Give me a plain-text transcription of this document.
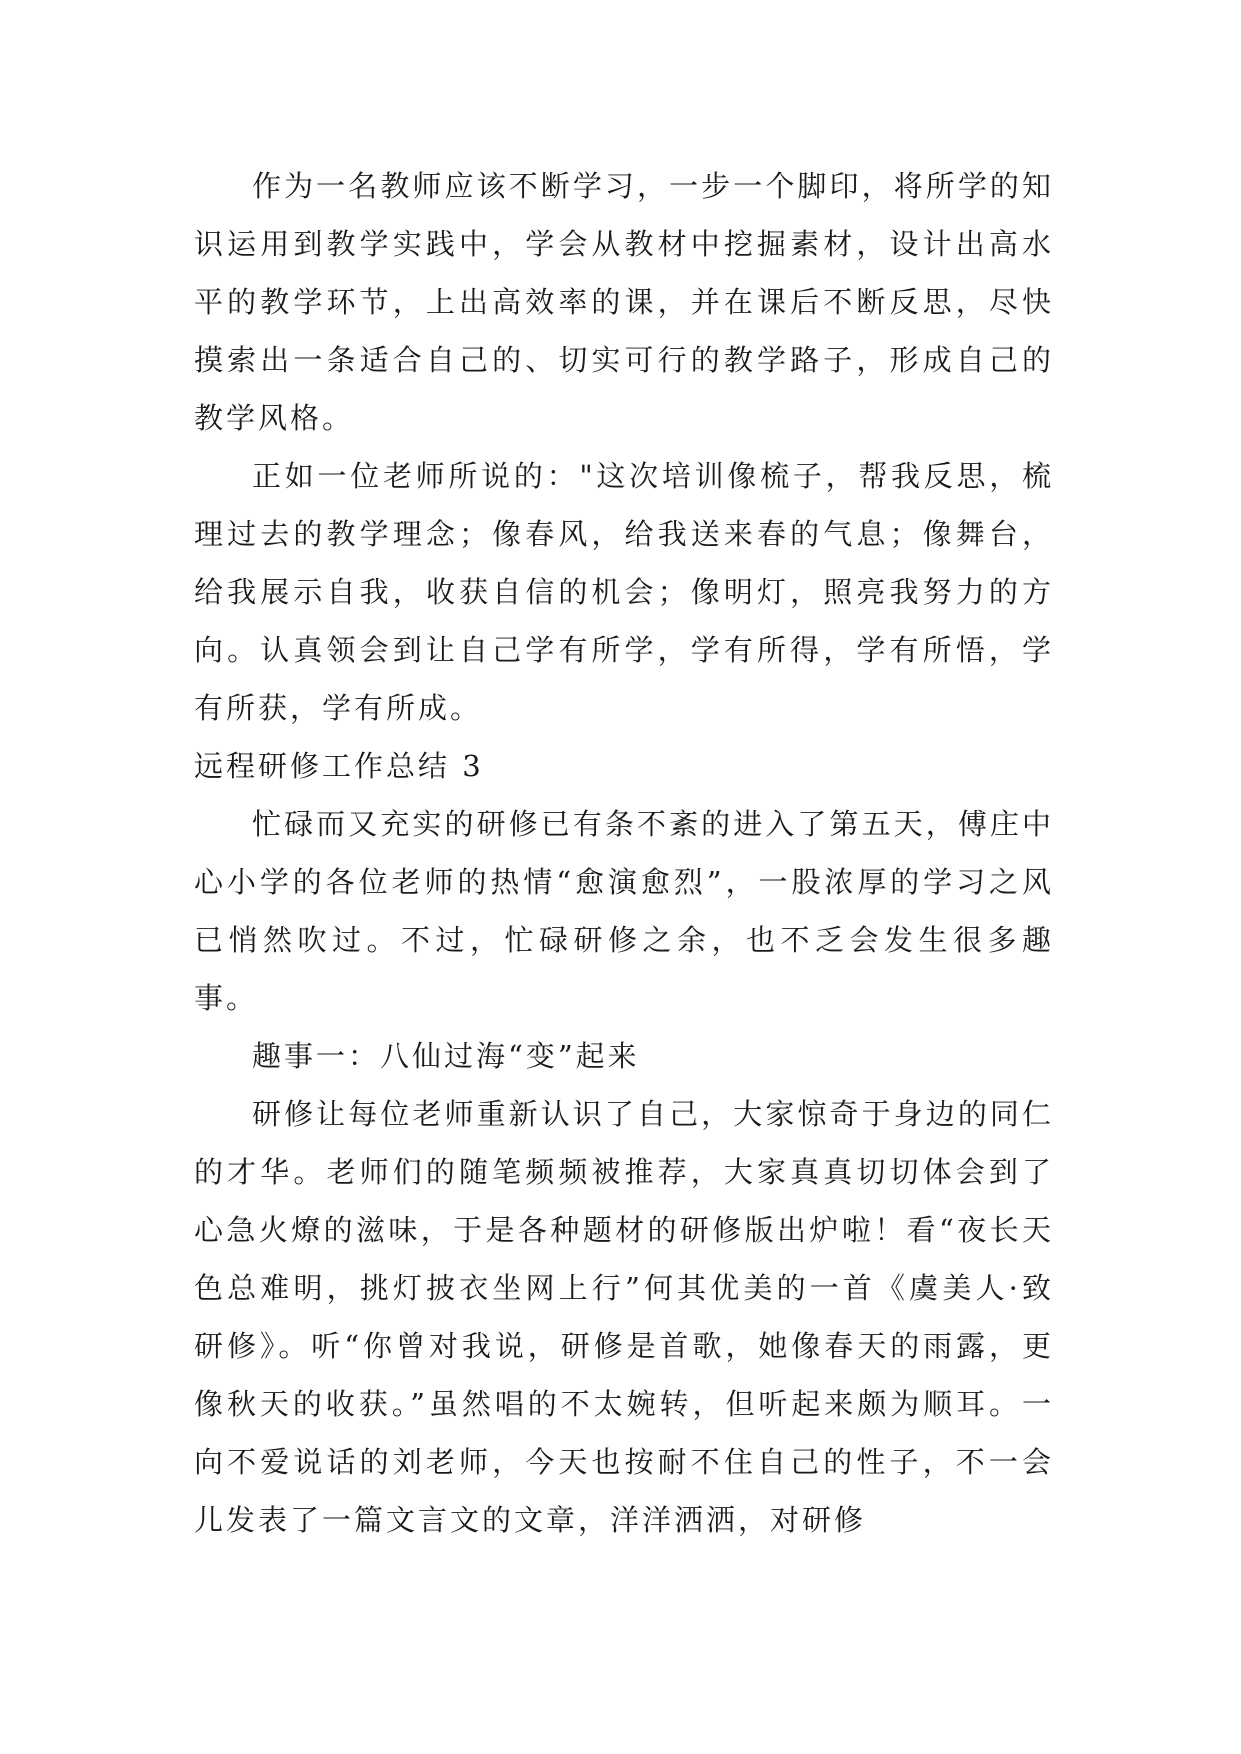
作为一名教师应该不断学习，一步一个脚印，将所学的知识运用到教学实践中，学会从教材中挖掘素材，设计出高水平的教学环节，上出高效率的课，并在课后不断反思，尽快摸索出一条适合自己的、切实可行的教学路子，形成自己的教学风格。

正如一位老师所说的："这次培训像梳子，帮我反思，梳理过去的教学理念；像春风，给我送来春的气息；像舞台，给我展示自我，收获自信的机会；像明灯，照亮我努力的方向。认真领会到让自己学有所学，学有所得，学有所悟，学有所获，学有所成。

远程研修工作总结 3

忙碌而又充实的研修已有条不紊的进入了第五天，傅庄中心小学的各位老师的热情“愈演愈烈”，一股浓厚的学习之风已悄然吹过。不过，忙碌研修之余，也不乏会发生很多趣事。

趣事一：八仙过海“变”起来

研修让每位老师重新认识了自己，大家惊奇于身边的同仁的才华。老师们的随笔频频被推荐，大家真真切切体会到了心急火燎的滋味，于是各种题材的研修版出炉啦！看“夜长天色总难明，挑灯披衣坐网上行”何其优美的一首《虞美人·致研修》。听“你曾对我说，研修是首歌，她像春天的雨露，更像秋天的收获。”虽然唱的不太婉转，但听起来颇为顺耳。一向不爱说话的刘老师，今天也按耐不住自己的性子，不一会儿发表了一篇文言文的文章，洋洋洒洒，对研修
